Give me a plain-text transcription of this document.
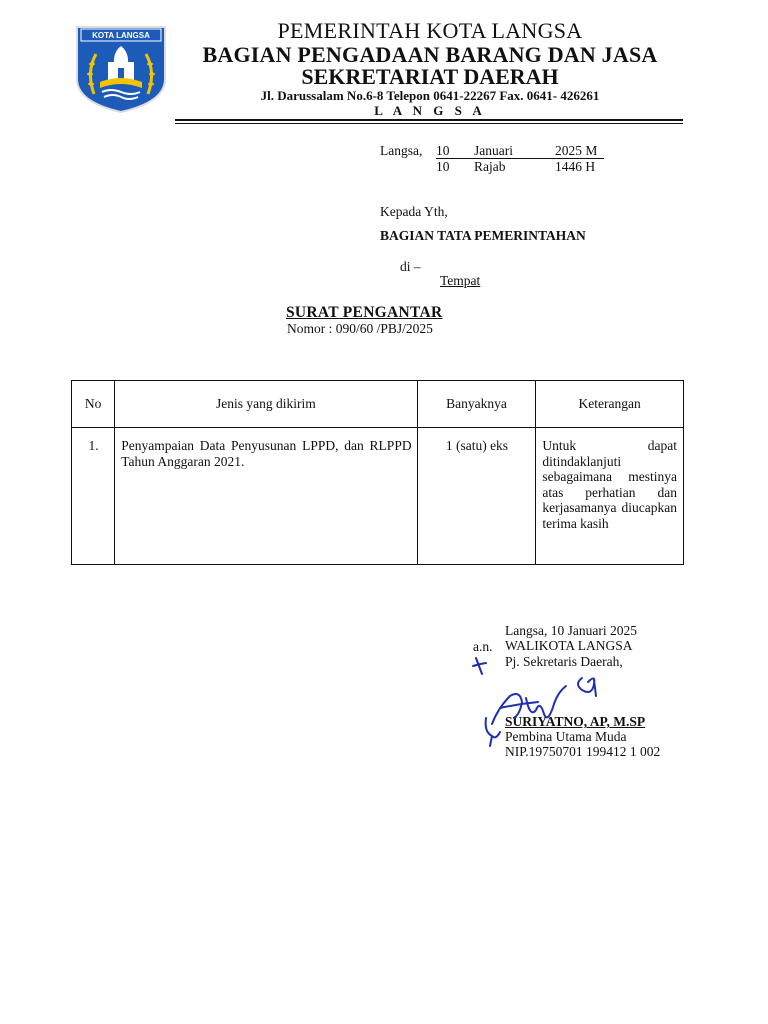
KOTA LANGSA	PEMERINTAH KOTA LANGSA
BAGIAN PENGADAAN BARANG DAN JASA
SEKRETARIAT DAERAH
Jl. Darussalam No.6-8 Telepon 0641-22267 Fax. 0641- 426261
L A N G S A
Langsa, 10 Januari	2025 M
10 Rajab	1446 H
Kepada Yth,
BAGIAN TATA PEMERINTAHAN
di –
Tempat
SURAT PENGANTAR
Nomor : 090/60 /PBJ/2025
No	Jenis yang dikirim	Banyaknya	Keterangan
1.	Penyampaian Data Penyusunan LPPD, dan RLPPD Tahun Anggaran 2021.	1 (satu) eks	Untuk dapat ditindaklanjuti sebagaimana mestinya atas perhatian dan kerjasamanya diucapkan terima kasih
Langsa, 10 Januari 2025
a.n. WALIKOTA LANGSA
Pj. Sekretaris Daerah,
SURIYATNO, AP, M.SP
Pembina Utama Muda
NIP.19750701 199412 1 002
